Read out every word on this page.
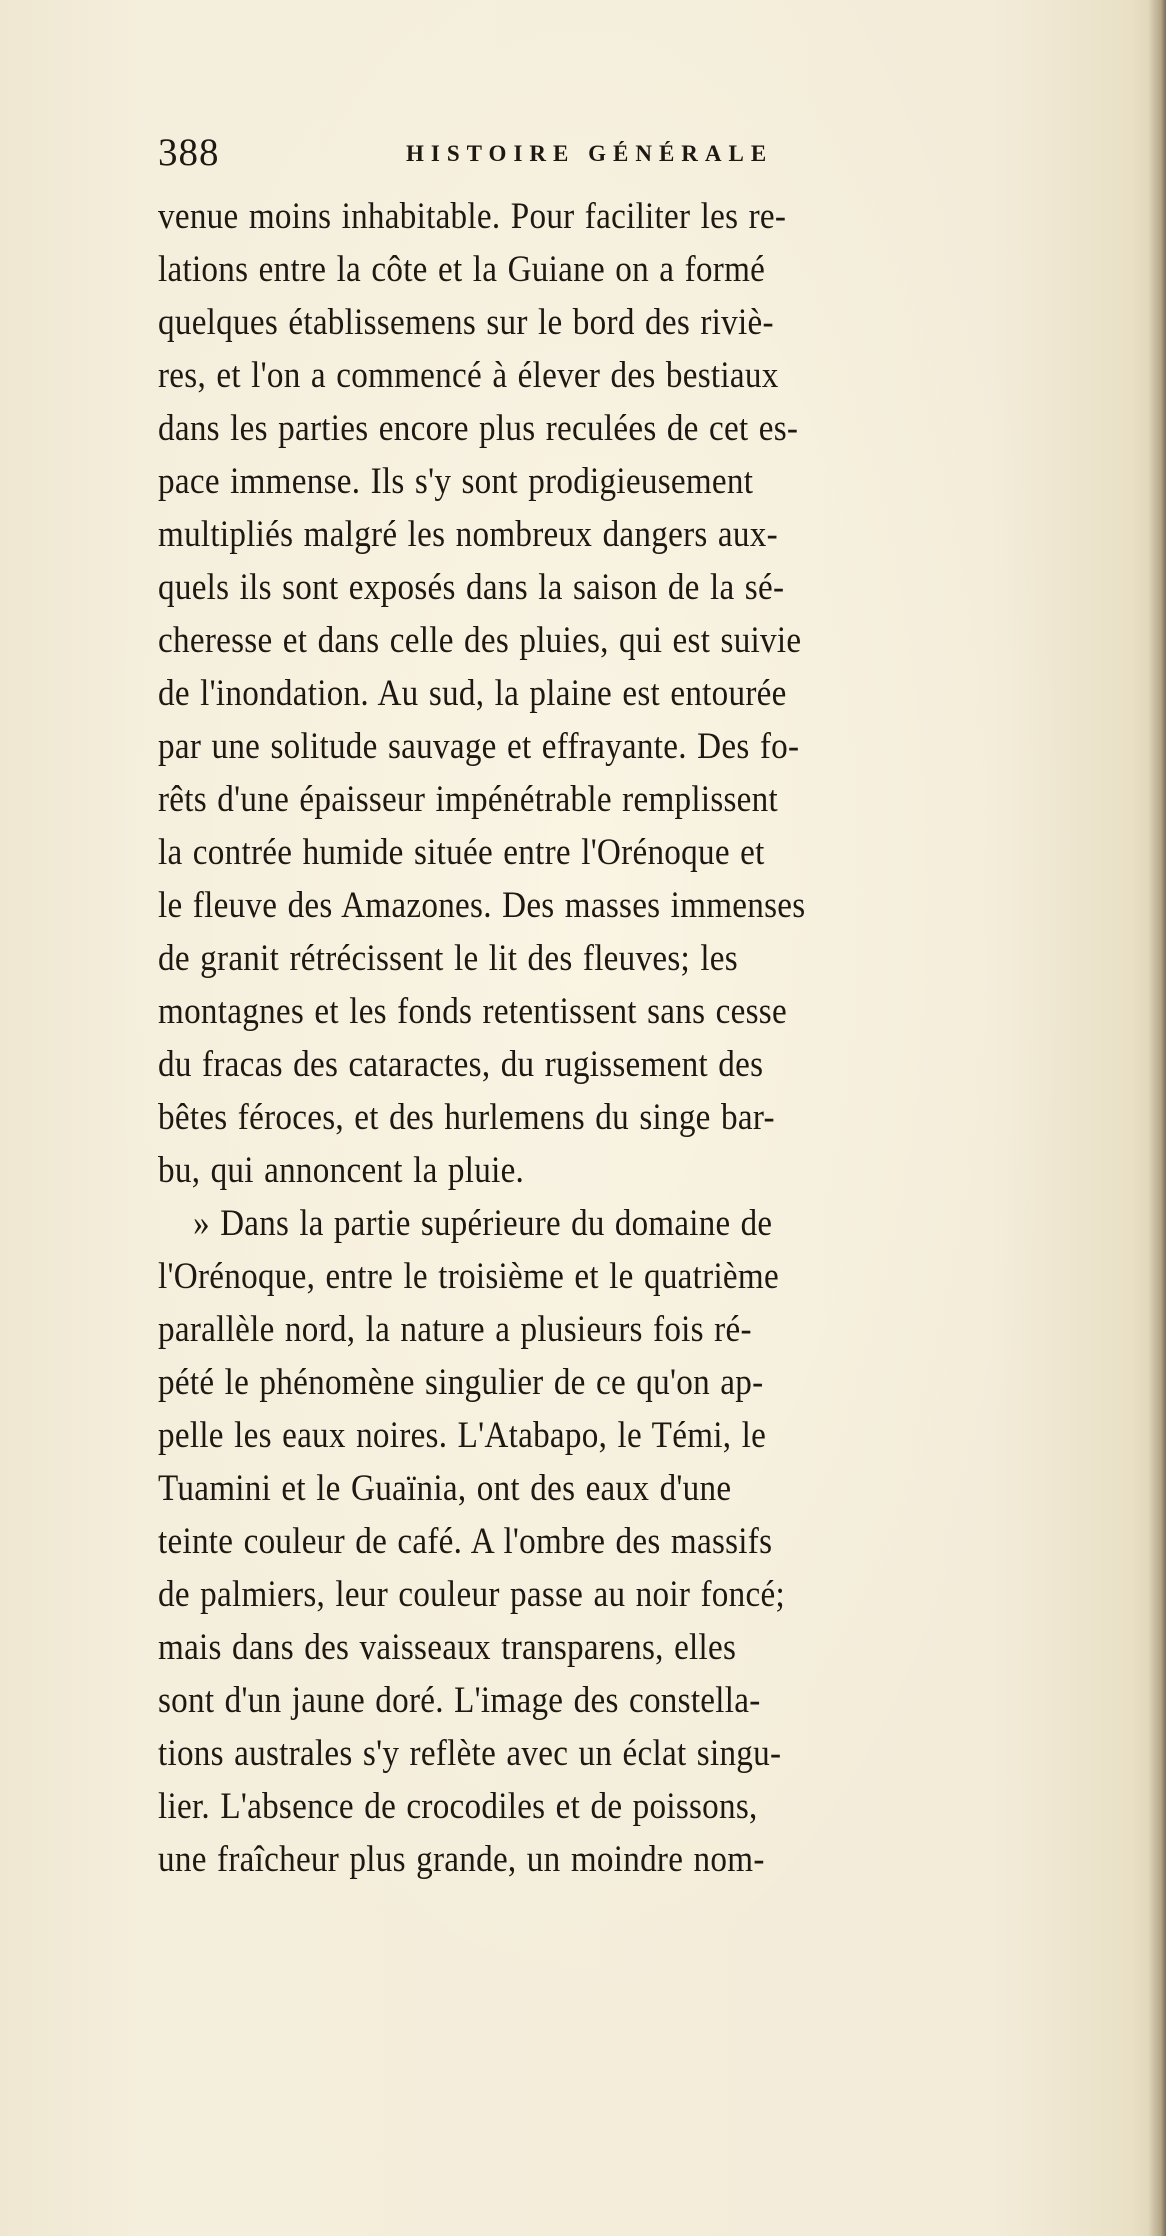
388	HISTOIRE GÉNÉRALE
venue moins inhabitable. Pour faciliter les re-
lations entre la côte et la Guiane on a formé
quelques établissemens sur le bord des riviè-
res, et l'on a commencé à élever des bestiaux
dans les parties encore plus reculées de cet es-
pace immense. Ils s'y sont prodigieusement
multipliés malgré les nombreux dangers aux-
quels ils sont exposés dans la saison de la sé-
cheresse et dans celle des pluies, qui est suivie
de l'inondation. Au sud, la plaine est entourée
par une solitude sauvage et effrayante. Des fo-
rêts d'une épaisseur impénétrable remplissent
la contrée humide située entre l'Orénoque et
le fleuve des Amazones. Des masses immenses
de granit rétrécissent le lit des fleuves; les
montagnes et les fonds retentissent sans cesse
du fracas des cataractes, du rugissement des
bêtes féroces, et des hurlemens du singe bar-
bu, qui annoncent la pluie.
» Dans la partie supérieure du domaine de
l'Orénoque, entre le troisième et le quatrième
parallèle nord, la nature a plusieurs fois ré-
pété le phénomène singulier de ce qu'on ap-
pelle les eaux noires. L'Atabapo, le Témi, le
Tuamini et le Guaïnia, ont des eaux d'une
teinte couleur de café. A l'ombre des massifs
de palmiers, leur couleur passe au noir foncé;
mais dans des vaisseaux transparens, elles
sont d'un jaune doré. L'image des constella-
tions australes s'y reflète avec un éclat singu-
lier. L'absence de crocodiles et de poissons,
une fraîcheur plus grande, un moindre nom-
